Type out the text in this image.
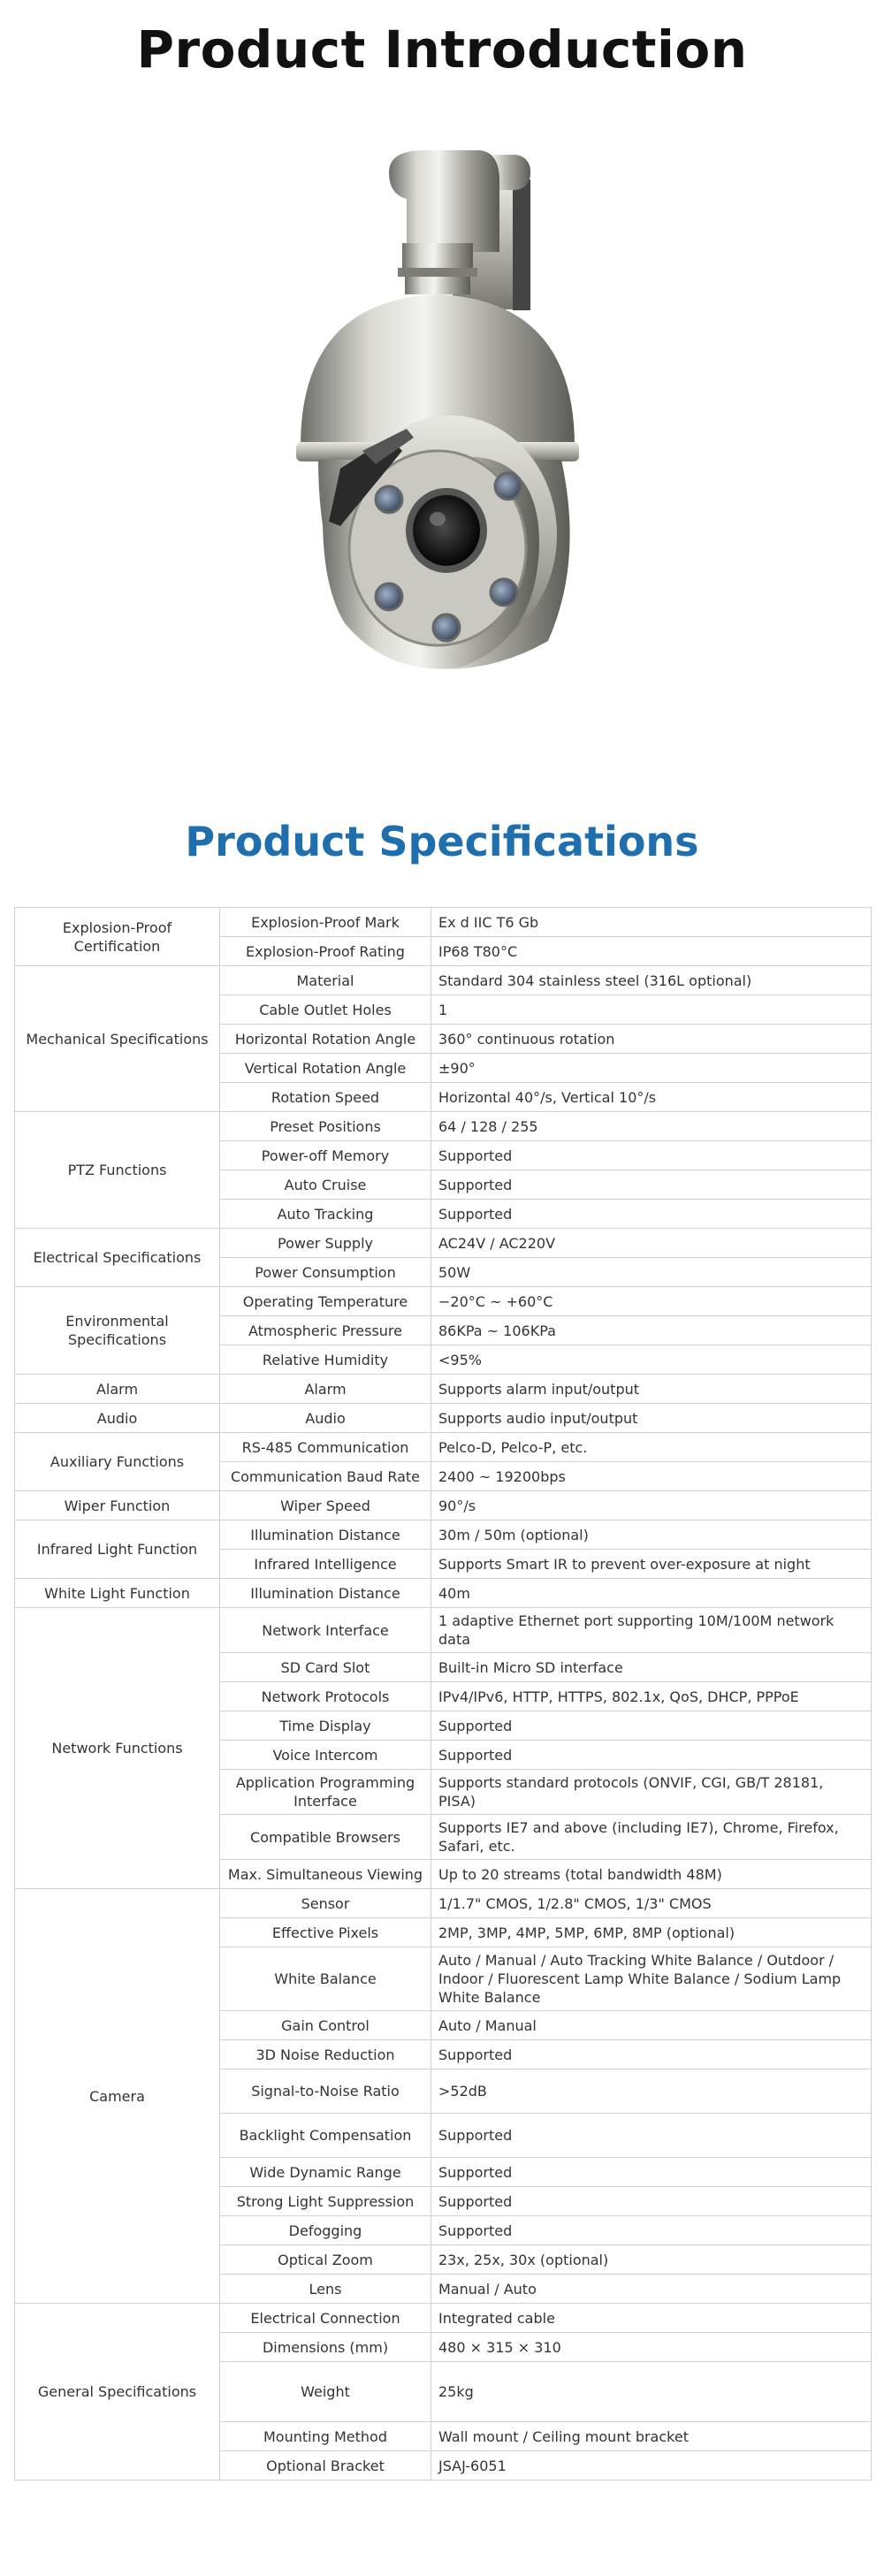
Product Introduction
Product Specifications
Explosion-Proof Certification	Explosion-Proof Mark	Ex d IIC T6 Gb
	Explosion-Proof Rating	IP68 T80°C
Mechanical Specifications	Material	Standard 304 stainless steel (316L optional)
	Cable Outlet Holes	1
	Horizontal Rotation Angle	360° continuous rotation
	Vertical Rotation Angle	±90°
	Rotation Speed	Horizontal 40°/s, Vertical 10°/s
PTZ Functions	Preset Positions	64 / 128 / 255
	Power-off Memory	Supported
	Auto Cruise	Supported
	Auto Tracking	Supported
Electrical Specifications	Power Supply	AC24V / AC220V
	Power Consumption	50W
Environmental Specifications	Operating Temperature	−20°C ~ +60°C
	Atmospheric Pressure	86KPa ~ 106KPa
	Relative Humidity	<95%
Alarm	Alarm	Supports alarm input/output
Audio	Audio	Supports audio input/output
Auxiliary Functions	RS-485 Communication	Pelco-D, Pelco-P, etc.
	Communication Baud Rate	2400 ~ 19200bps
Wiper Function	Wiper Speed	90°/s
Infrared Light Function	Illumination Distance	30m / 50m (optional)
	Infrared Intelligence	Supports Smart IR to prevent over-exposure at night
White Light Function	Illumination Distance	40m
Network Functions	Network Interface	1 adaptive Ethernet port supporting 10M/100M network data
	SD Card Slot	Built-in Micro SD interface
	Network Protocols	IPv4/IPv6, HTTP, HTTPS, 802.1x, QoS, DHCP, PPPoE
	Time Display	Supported
	Voice Intercom	Supported
	Application Programming Interface	Supports standard protocols (ONVIF, CGI, GB/T 28181, PISA)
	Compatible Browsers	Supports IE7 and above (including IE7), Chrome, Firefox, Safari, etc.
	Max. Simultaneous Viewing	Up to 20 streams (total bandwidth 48M)
Camera	Sensor	1/1.7" CMOS, 1/2.8" CMOS, 1/3" CMOS
	Effective Pixels	2MP, 3MP, 4MP, 5MP, 6MP, 8MP (optional)
	White Balance	Auto / Manual / Auto Tracking White Balance / Outdoor / Indoor / Fluorescent Lamp White Balance / Sodium Lamp White Balance
	Gain Control	Auto / Manual
	3D Noise Reduction	Supported
	Signal-to-Noise Ratio	>52dB
	Backlight Compensation	Supported
	Wide Dynamic Range	Supported
	Strong Light Suppression	Supported
	Defogging	Supported
	Optical Zoom	23x, 25x, 30x (optional)
	Lens	Manual / Auto
General Specifications	Electrical Connection	Integrated cable
	Dimensions (mm)	480 × 315 × 310
	Weight	25kg
	Mounting Method	Wall mount / Ceiling mount bracket
	Optional Bracket	JSAJ-6051
